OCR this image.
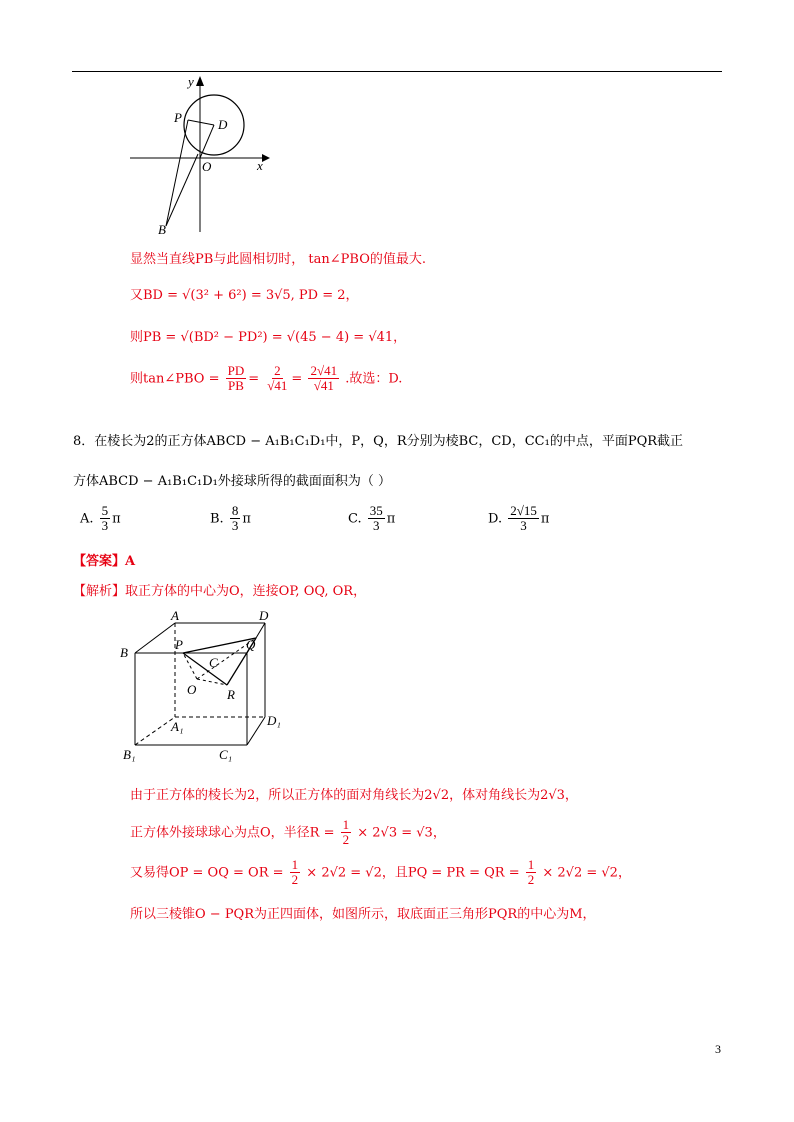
y
x
P	D
O
B
显然当直线PB与此圆相切时， tan∠PBO的值最大.
又BD = √(3² + 6²) = 3√5, PD = 2，
则PB = √(BD² − PD²) = √(45 − 4) = √41，
则tan∠PBO = $\frac{PD}{PB} = \frac{2}{√41} = \frac{2√41}{√41}$ .故选：D.
8．在棱长为2的正方体ABCD − A₁B₁C₁D₁中，P，Q，R分别为棱BC，CD，CC₁的中点，平面PQR截正
方体ABCD − A₁B₁C₁D₁外接球所得的截面面积为（ ）
A. $\frac{5}{3}$ π	B. $\frac{8}{3}$ π	C. $\frac{35}{3}$ π	D. $\frac{2√15}{3}$ π
【答案】A
【解析】取正方体的中心为O，连接OP, OQ, OR，
A	D
B
P	Q
C
O R
A₁	D₁
B₁	C₁
由于正方体的棱长为2，所以正方体的面对角线长为2√2，体对角线长为2√3，
正方体外接球球心为点O，半径$R = \frac{1}{2} \times 2√3 = √3$，
又易得OP = OQ = OR = $\frac{1}{2} \times 2√2 = √2$，且PQ = PR = QR = $\frac{1}{2} \times 2√2 = √2$，
所以三棱锥O − PQR为正四面体，如图所示，取底面正三角形PQR的中心为M，
3
